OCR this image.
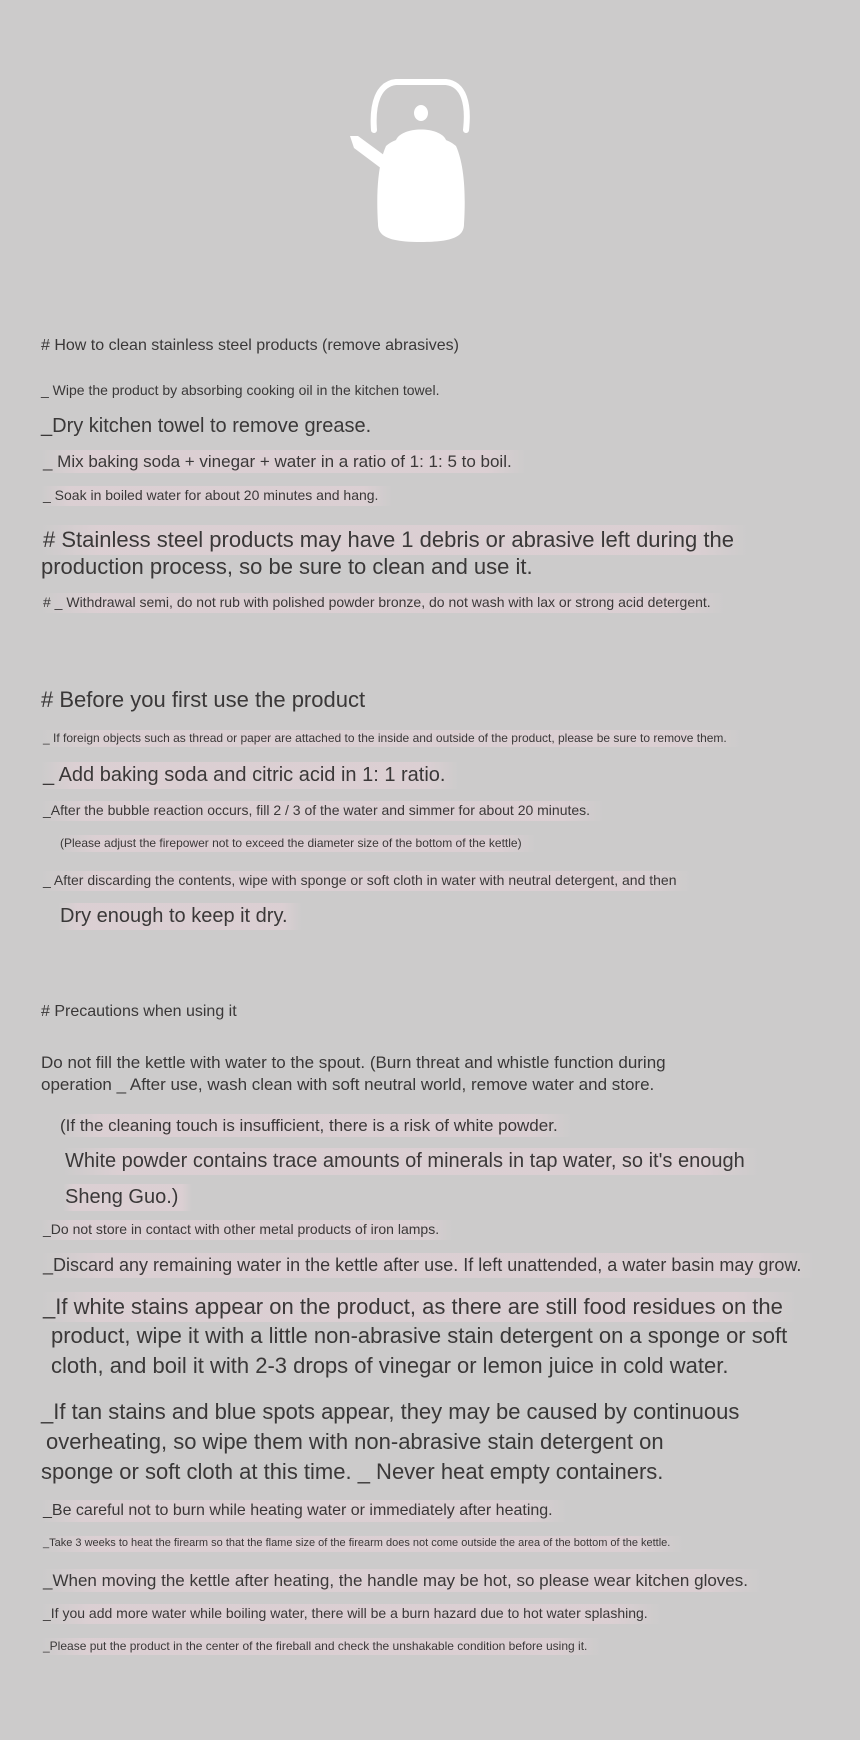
# How to clean stainless steel products (remove abrasives)
_ Wipe the product by absorbing cooking oil in the kitchen towel.
_Dry kitchen towel to remove grease.
_ Mix baking soda + vinegar + water in a ratio of 1: 1: 5 to boil.
_ Soak in boiled water for about 20 minutes and hang.
# Stainless steel products may have 1 debris or abrasive left during the
production process, so be sure to clean and use it.
# _ Withdrawal semi, do not rub with polished powder bronze, do not wash with lax or strong acid detergent.
# Before you first use the product
_ If foreign objects such as thread or paper are attached to the inside and outside of the product, please be sure to remove them.
_ Add baking soda and citric acid in 1: 1 ratio.
_After the bubble reaction occurs, fill 2 / 3 of the water and simmer for about 20 minutes.
(Please adjust the firepower not to exceed the diameter size of the bottom of the kettle)
_ After discarding the contents, wipe with sponge or soft cloth in water with neutral detergent, and then
Dry enough to keep it dry.
# Precautions when using it
Do not fill the kettle with water to the spout. (Burn threat and whistle function during
operation _ After use, wash clean with soft neutral world, remove water and store.
(If the cleaning touch is insufficient, there is a risk of white powder.
White powder contains trace amounts of minerals in tap water, so it's enough
Sheng Guo.)
_Do not store in contact with other metal products of iron lamps.
_Discard any remaining water in the kettle after use. If left unattended, a water basin may grow.
_If white stains appear on the product, as there are still food residues on the
product, wipe it with a little non-abrasive stain detergent on a sponge or soft
cloth, and boil it with 2-3 drops of vinegar or lemon juice in cold water.
_If tan stains and blue spots appear, they may be caused by continuous
overheating, so wipe them with non-abrasive stain detergent on
sponge or soft cloth at this time. _ Never heat empty containers.
_Be careful not to burn while heating water or immediately after heating.
_Take 3 weeks to heat the firearm so that the flame size of the firearm does not come outside the area of the bottom of the kettle.
_When moving the kettle after heating, the handle may be hot, so please wear kitchen gloves.
_If you add more water while boiling water, there will be a burn hazard due to hot water splashing.
_Please put the product in the center of the fireball and check the unshakable condition before using it.
